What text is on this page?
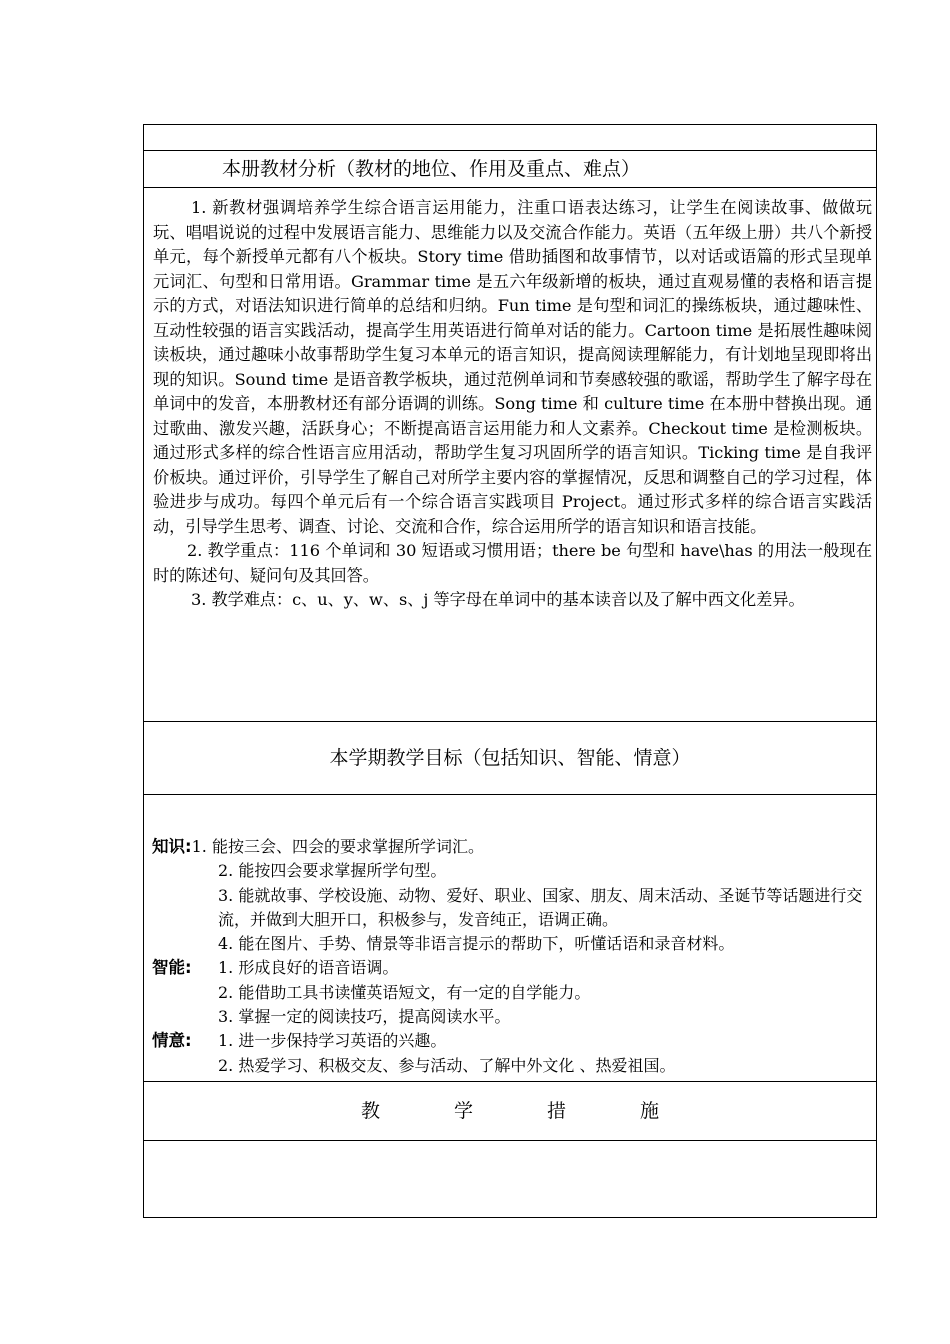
本册教材分析（教材的地位、作用及重点、难点）

1. 新教材强调培养学生综合语言运用能力，注重口语表达练习，让学生在阅读故事、做做玩玩、唱唱说说的过程中发展语言能力、思维能力以及交流合作能力。英语（五年级上册）共八个新授单元，每个新授单元都有八个板块。Story time 借助插图和故事情节，以对话或语篇的形式呈现单元词汇、句型和日常用语。Grammar time 是五六年级新增的板块，通过直观易懂的表格和语言提示的方式，对语法知识进行简单的总结和归纳。Fun time 是句型和词汇的操练板块，通过趣味性、互动性较强的语言实践活动，提高学生用英语进行简单对话的能力。Cartoon time 是拓展性趣味阅读板块，通过趣味小故事帮助学生复习本单元的语言知识，提高阅读理解能力，有计划地呈现即将出现的知识。Sound time 是语音教学板块，通过范例单词和节奏感较强的歌谣，帮助学生了解字母在单词中的发音，本册教材还有部分语调的训练。Song time 和 culture time 在本册中替换出现。通过歌曲、激发兴趣，活跃身心；不断提高语言运用能力和人文素养。Checkout time 是检测板块。通过形式多样的综合性语言应用活动，帮助学生复习巩固所学的语言知识。Ticking time 是自我评价板块。通过评价，引导学生了解自己对所学主要内容的掌握情况，反思和调整自己的学习过程，体验进步与成功。每四个单元后有一个综合语言实践项目 Project。通过形式多样的综合语言实践活动，引导学生思考、调查、讨论、交流和合作，综合运用所学的语言知识和语言技能。

2. 教学重点：116 个单词和 30 短语或习惯用语；there be 句型和 have\has 的用法一般现在时的陈述句、疑问句及其回答。

3. 教学难点：c、u、y、w、s、j 等字母在单词中的基本读音以及了解中西文化差异。

本学期教学目标（包括知识、智能、情意）

知识:1. 能按三会、四会的要求掌握所学词汇。
2. 能按四会要求掌握所学句型。
3. 能就故事、学校设施、动物、爱好、职业、国家、朋友、周末活动、圣诞节等话题进行交流，并做到大胆开口，积极参与，发音纯正，语调正确。
4. 能在图片、手势、情景等非语言提示的帮助下，听懂话语和录音材料。
智能: 1. 形成良好的语音语调。
2. 能借助工具书读懂英语短文，有一定的自学能力。
3. 掌握一定的阅读技巧，提高阅读水平。
情意: 1. 进一步保持学习英语的兴趣。
2. 热爱学习、积极交友、参与活动、了解中外文化 、热爱祖国。

教	学	措	施
